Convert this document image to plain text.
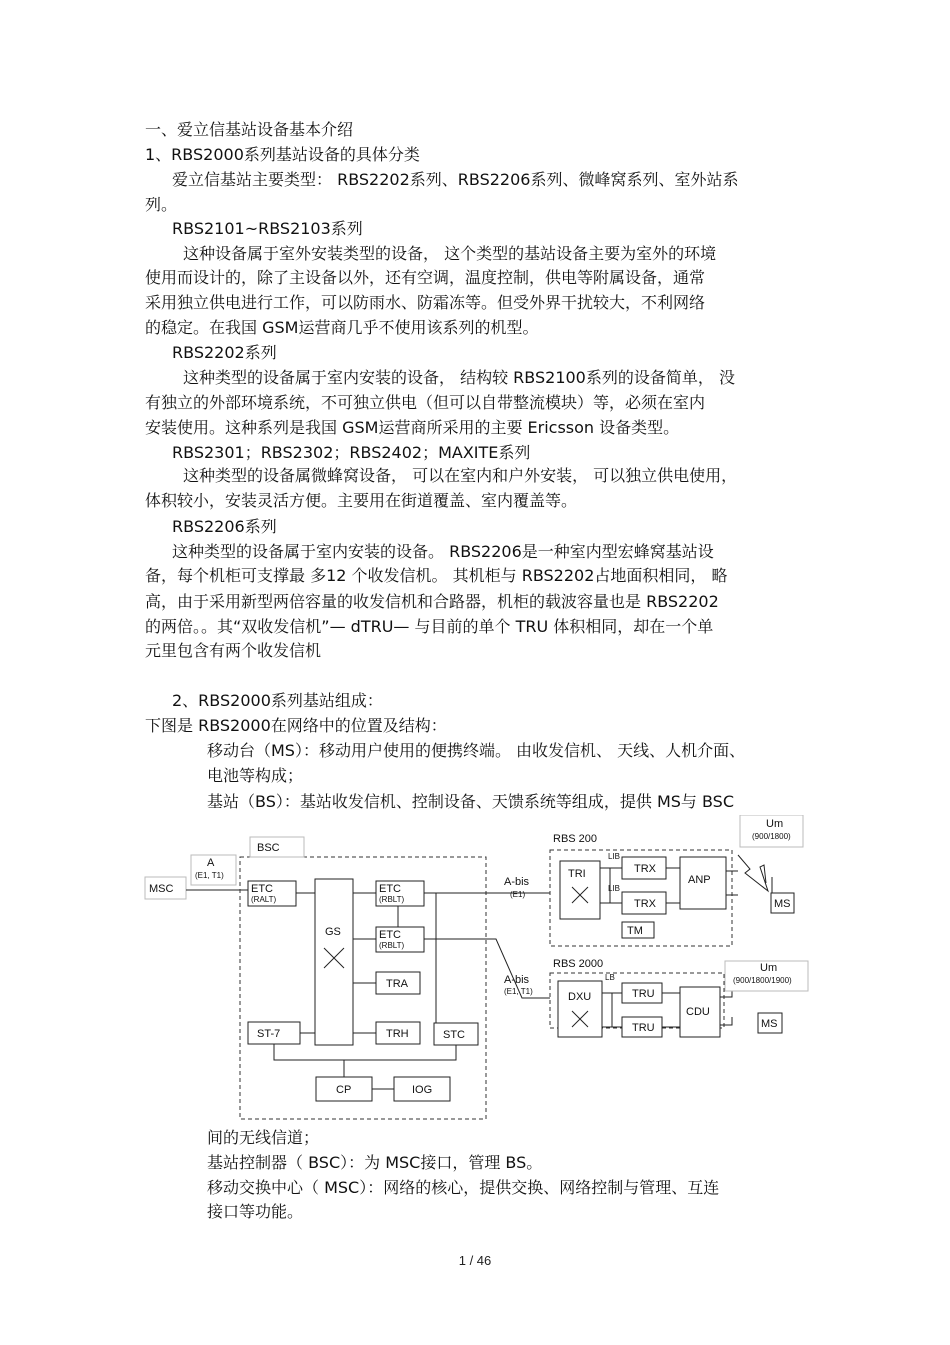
一、爱立信基站设备基本介绍

1、RBS2000系列基站设备的具体分类

爱立信基站主要类型： RBS2202系列、RBS2206系列、微峰窝系列、室外站系

列。

RBS2101~RBS2103系列

这种设备属于室外安装类型的设备， 这个类型的基站设备主要为室外的环境

使用而设计的，除了主设备以外，还有空调，温度控制，供电等附属设备，通常

采用独立供电进行工作，可以防雨水、防霜冻等。但受外界干扰较大，不利网络

的稳定。在我国 GSM运营商几乎不使用该系列的机型。

RBS2202系列

这种类型的设备属于室内安装的设备， 结构较 RBS2100系列的设备简单， 没

有独立的外部环境系统，不可独立供电（但可以自带整流模块）等，必须在室内

安装使用。这种系列是我国 GSM运营商所采用的主要 Ericsson 设备类型。

RBS2301；RBS2302；RBS2402；MAXITE系列

这种类型的设备属微蜂窝设备， 可以在室内和户外安装， 可以独立供电使用，

体积较小，安装灵活方便。主要用在街道覆盖、室内覆盖等。

RBS2206系列

这种类型的设备属于室内安装的设备。 RBS2206是一种室内型宏蜂窝基站设

备，每个机柜可支撑最 多12 个收发信机。 其机柜与 RBS2202占地面积相同， 略

高，由于采用新型两倍容量的收发信机和合路器，机柜的载波容量也是 RBS2202

的两倍。。其“双收发信机”— dTRU— 与目前的单个 TRU 体积相同，却在一个单

元里包含有两个收发信机

2、RBS2000系列基站组成：

下图是 RBS2000在网络中的位置及结构：

移动台（MS）：移动用户使用的便携终端。 由收发信机、 天线、人机介面、

电池等构成；

基站（BS）：基站收发信机、控制设备、天馈系统等组成，提供 MS与 BSC

MSC
A
(E1, T1)
BSC
ETC
(RALT)
GS
ETC
(RBLT)
ETC
(RBLT)
TRA
ST-7	TRH	STC
CP	IOG
A-bis
(E1)
A-bis
(E1, T1)
RBS 200
TRI
LIB
LIB
TRX
TRX
ANP
TM
Um
(900/1800)
MS
RBS 2000
LB
DXU	TRU
TRU
CDU
Um
(900/1800/1900)
MS

间的无线信道；

基站控制器（ BSC）：为 MSC接口，管理 BS。

移动交换中心（ MSC）：网络的核心，提供交换、网络控制与管理、互连

接口等功能。

1 / 46
